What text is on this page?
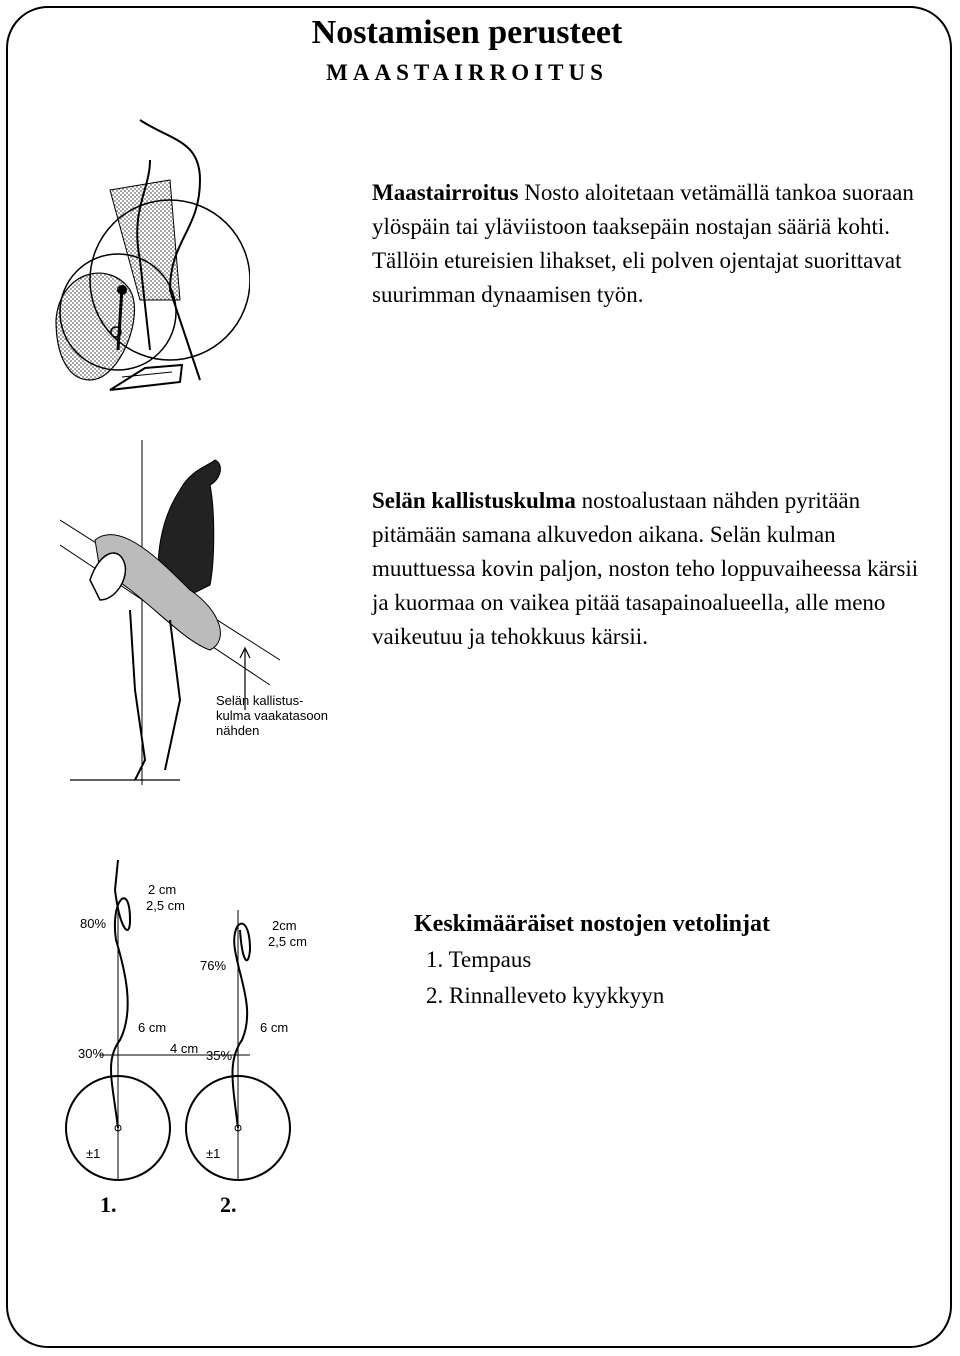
Nostamisen perusteet
MAASTAIRROITUS
Maastairroitus Nosto aloitetaan vetämällä tankoa suoraan ylöspäin tai yläviistoon taaksepäin nostajan sääriä kohti. Tällöin etureisien lihakset, eli polven ojentajat suorittavat suurimman dynaamisen työn.
Selän kallistus-
kulma vaakatasoon
nähden
Selän kallistuskulma nostoalustaan nähden pyritään pitämään samana alkuvedon aikana. Selän kulman muuttuessa kovin paljon, noston teho loppuvaiheessa kärsii ja kuormaa on vaikea pitää tasapainoalueella, alle meno vaikeutuu ja tehokkuus kärsii.
80%
2 cm
2,5 cm
6 cm
30%	4 cm
±1
76%
2cm
2,5 cm
6 cm
35%
±1
1.	2.
Keskimääräiset nostojen vetolinjat
1. Tempaus
2. Rinnalleveto kyykkyyn
